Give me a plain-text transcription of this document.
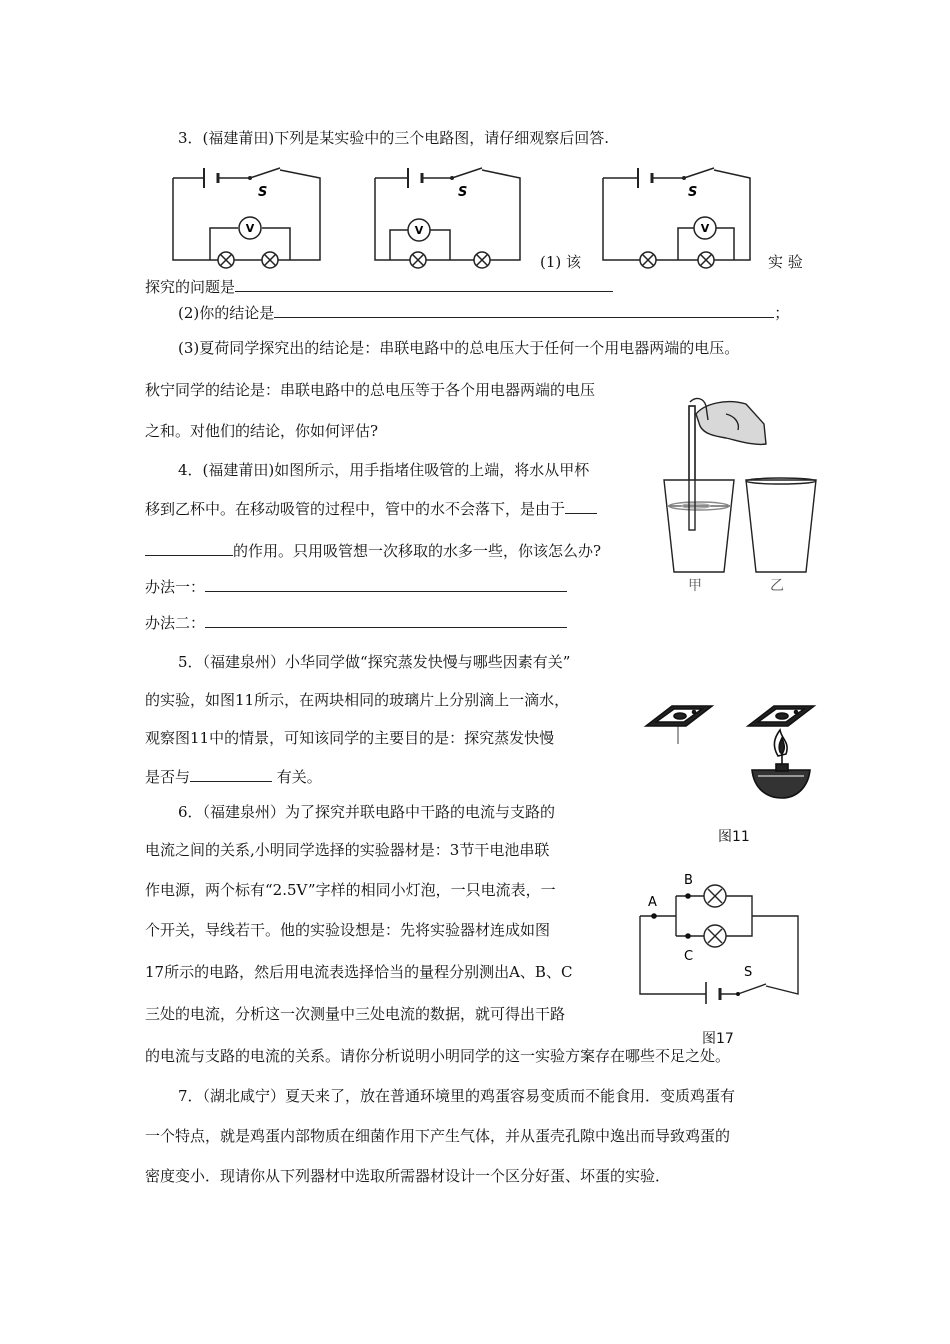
3．(福建莆田)下列是某实验中的三个电路图，请仔细观察后回答.
V
S
V
S
(1) 该
V
S
实 验
探究的问题是
(2)你的结论是	；
(3)夏荷同学探究出的结论是：串联电路中的总电压大于任何一个用电器两端的电压。
秋宁同学的结论是：串联电路中的总电压等于各个用电器两端的电压
之和。对他们的结论，你如何评估?
4．(福建莆田)如图所示，用手指堵住吸管的上端，将水从甲杯
移到乙杯中。在移动吸管的过程中，管中的水不会落下，是由于
的作用。只用吸管想一次移取的水多一些，你该怎么办?
办法一：
办法二：
甲	乙
5．（福建泉州）小华同学做“探究蒸发快慢与哪些因素有关”
的实验，如图11所示，在两块相同的玻璃片上分别滴上一滴水，
观察图11中的情景，可知该同学的主要目的是：探究蒸发快慢
是否与	有关。
图11
6．（福建泉州）为了探究并联电路中干路的电流与支路的
电流之间的关系,小明同学选择的实验器材是：3节干电池串联
作电源，两个标有“2.5V”字样的相同小灯泡，一只电流表，一
个开关，导线若干。他的实验设想是：先将实验器材连成如图
17所示的电路，然后用电流表选择恰当的量程分别测出A、B、C
三处的电流，分析这一次测量中三处电流的数据，就可得出干路
的电流与支路的电流的关系。请你分析说明小明同学的这一实验方案存在哪些不足之处。
A
B
C
S
图17
7．（湖北咸宁）夏天来了，放在普通环境里的鸡蛋容易变质而不能食用．变质鸡蛋有
一个特点，就是鸡蛋内部物质在细菌作用下产生气体，并从蛋壳孔隙中逸出而导致鸡蛋的
密度变小．现请你从下列器材中选取所需器材设计一个区分好蛋、坏蛋的实验．
